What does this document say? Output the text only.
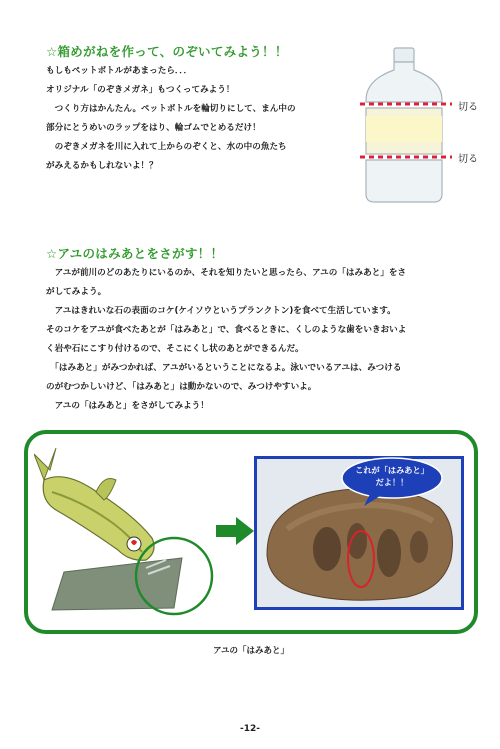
☆箱めがねを作って、のぞいてみよう！！

もしもペットボトルがあまったら．．．

オリジナル「のぞきメガネ」もつくってみよう！

　つくり方はかんたん。ペットボトルを輪切りにして、まん中の

部分にとうめいのラップをはり、輪ゴムでとめるだけ！

　のぞきメガネを川に入れて上からのぞくと、水の中の魚たち

がみえるかもしれないよ！？

切る
切る
☆アユのはみあとをさがす！！

　アユが前川のどのあたりにいるのか、それを知りたいと思ったら、アユの「はみあと」をさ

がしてみよう。

　アユはきれいな石の表面のコケ(ケイソウというプランクトン)を食べて生活しています。

そのコケをアユが食べたあとが「はみあと」で、食べるときに、くしのような歯をいきおいよ

く岩や石にこすり付けるので、そこにくし状のあとができるんだ。

　「はみあと」がみつかれば、アユがいるということになるよ。泳いでいるアユは、みつける

のがむつかしいけど、「はみあと」は動かないので、みつけやすいよ。

　アユの「はみあと」をさがしてみよう！

これが「はみあと」
だよ！！
アユの「はみあと」
-12-
